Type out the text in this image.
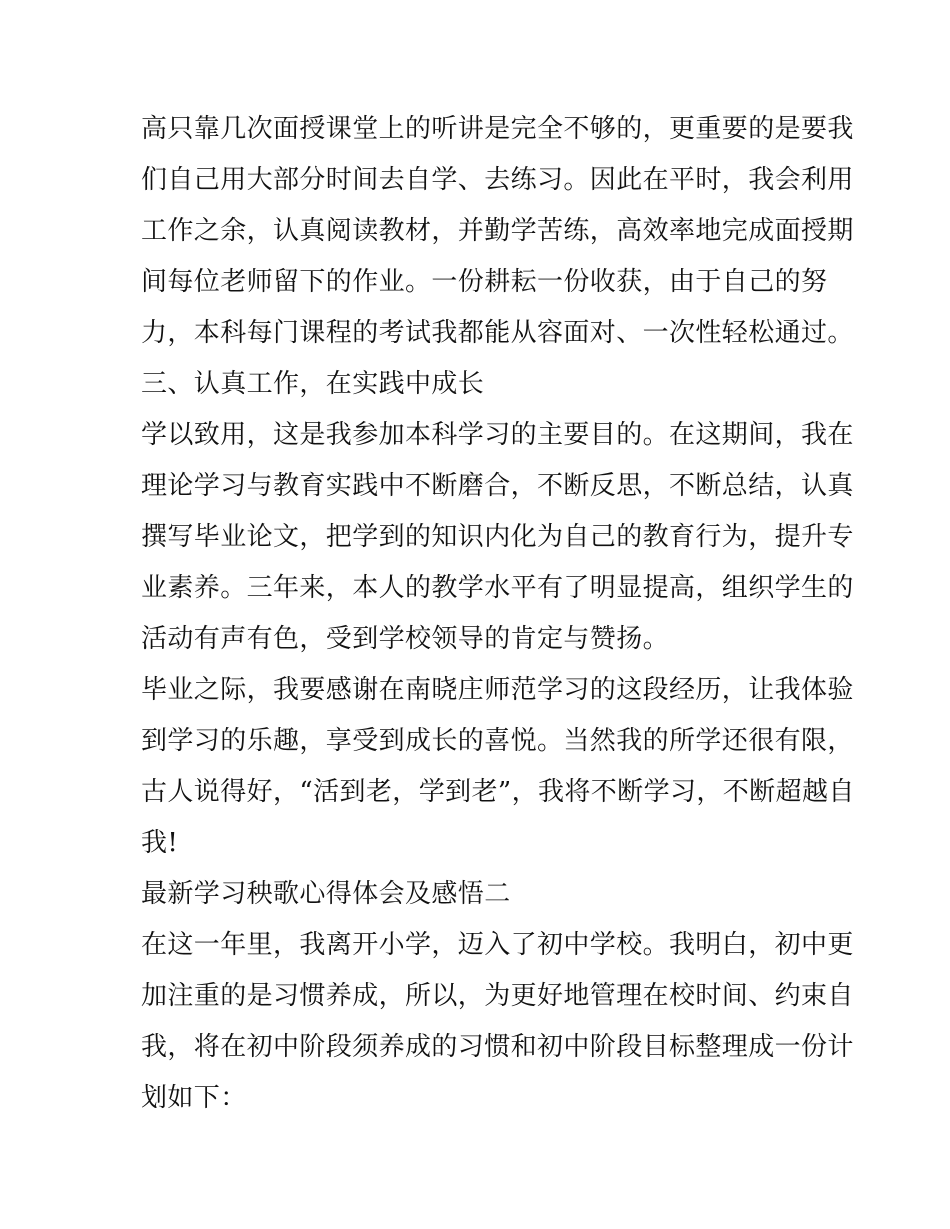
高只靠几次面授课堂上的听讲是完全不够的，更重要的是要我
们自己用大部分时间去自学、去练习。因此在平时，我会利用
工作之余，认真阅读教材，并勤学苦练，高效率地完成面授期
间每位老师留下的作业。一份耕耘一份收获，由于自己的努
力，本科每门课程的考试我都能从容面对、一次性轻松通过。
三、认真工作，在实践中成长
学以致用，这是我参加本科学习的主要目的。在这期间，我在
理论学习与教育实践中不断磨合，不断反思，不断总结，认真
撰写毕业论文，把学到的知识内化为自己的教育行为，提升专
业素养。三年来，本人的教学水平有了明显提高，组织学生的
活动有声有色，受到学校领导的肯定与赞扬。
毕业之际，我要感谢在南晓庄师范学习的这段经历，让我体验
到学习的乐趣，享受到成长的喜悦。当然我的所学还很有限，
古人说得好，“活到老，学到老”，我将不断学习，不断超越自
我!
最新学习秧歌心得体会及感悟二
在这一年里，我离开小学，迈入了初中学校。我明白，初中更
加注重的是习惯养成，所以，为更好地管理在校时间、约束自
我，将在初中阶段须养成的习惯和初中阶段目标整理成一份计
划如下：
